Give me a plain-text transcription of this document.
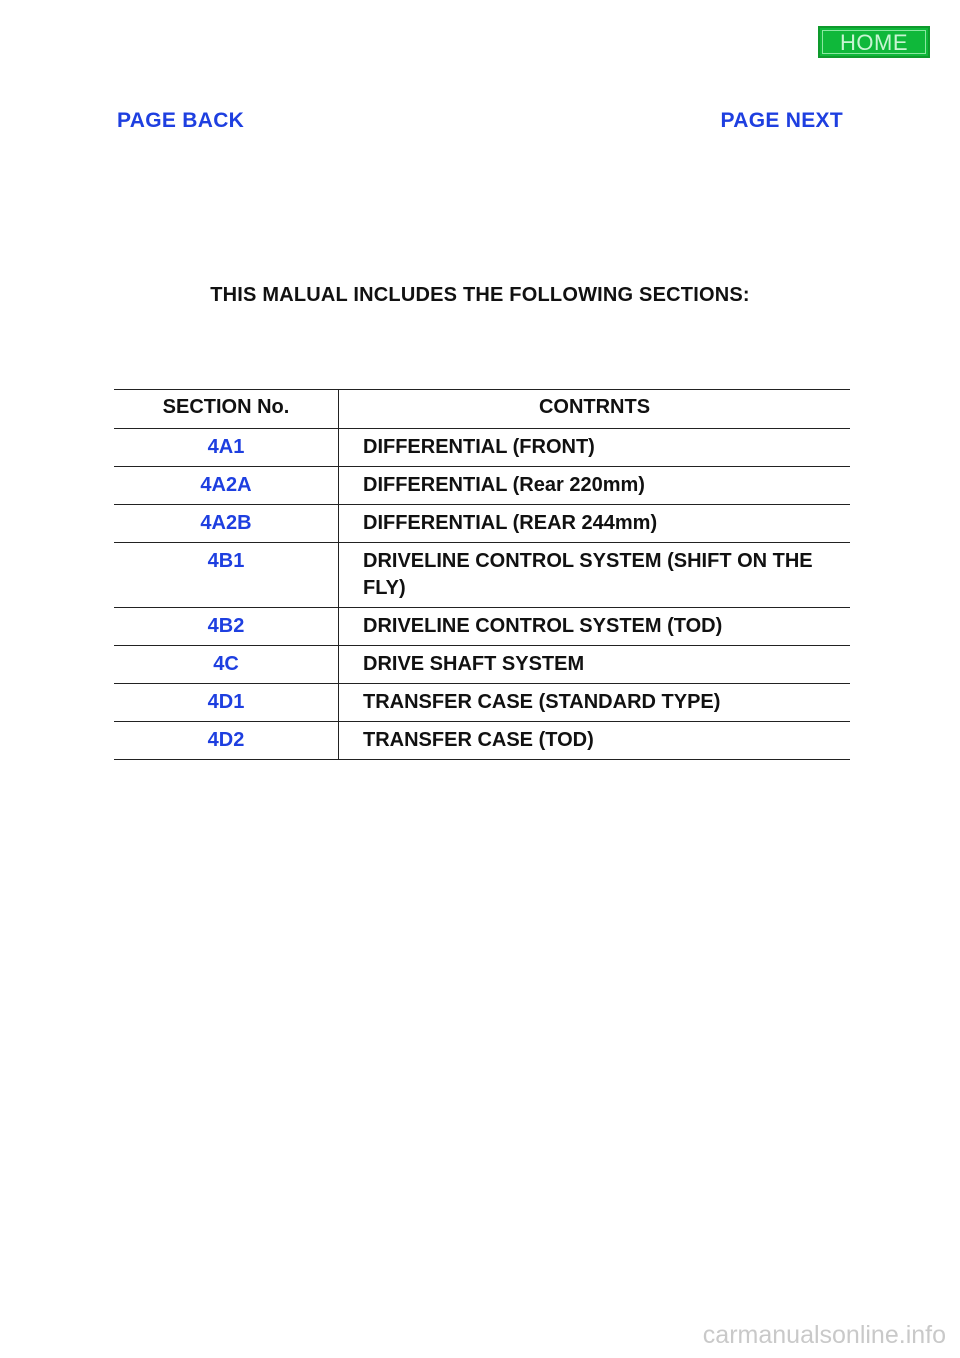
HOME
PAGE BACK	PAGE NEXT
THIS MALUAL INCLUDES THE FOLLOWING SECTIONS:
SECTION No.	CONTRNTS
4A1	DIFFERENTIAL (FRONT)
4A2A	DIFFERENTIAL (Rear 220mm)
4A2B	DIFFERENTIAL (REAR 244mm)
4B1	DRIVELINE CONTROL SYSTEM (SHIFT ON THE FLY)
4B2	DRIVELINE CONTROL SYSTEM (TOD)
4C	DRIVE SHAFT SYSTEM
4D1	TRANSFER CASE (STANDARD TYPE)
4D2	TRANSFER CASE (TOD)
carmanualsonline.info
